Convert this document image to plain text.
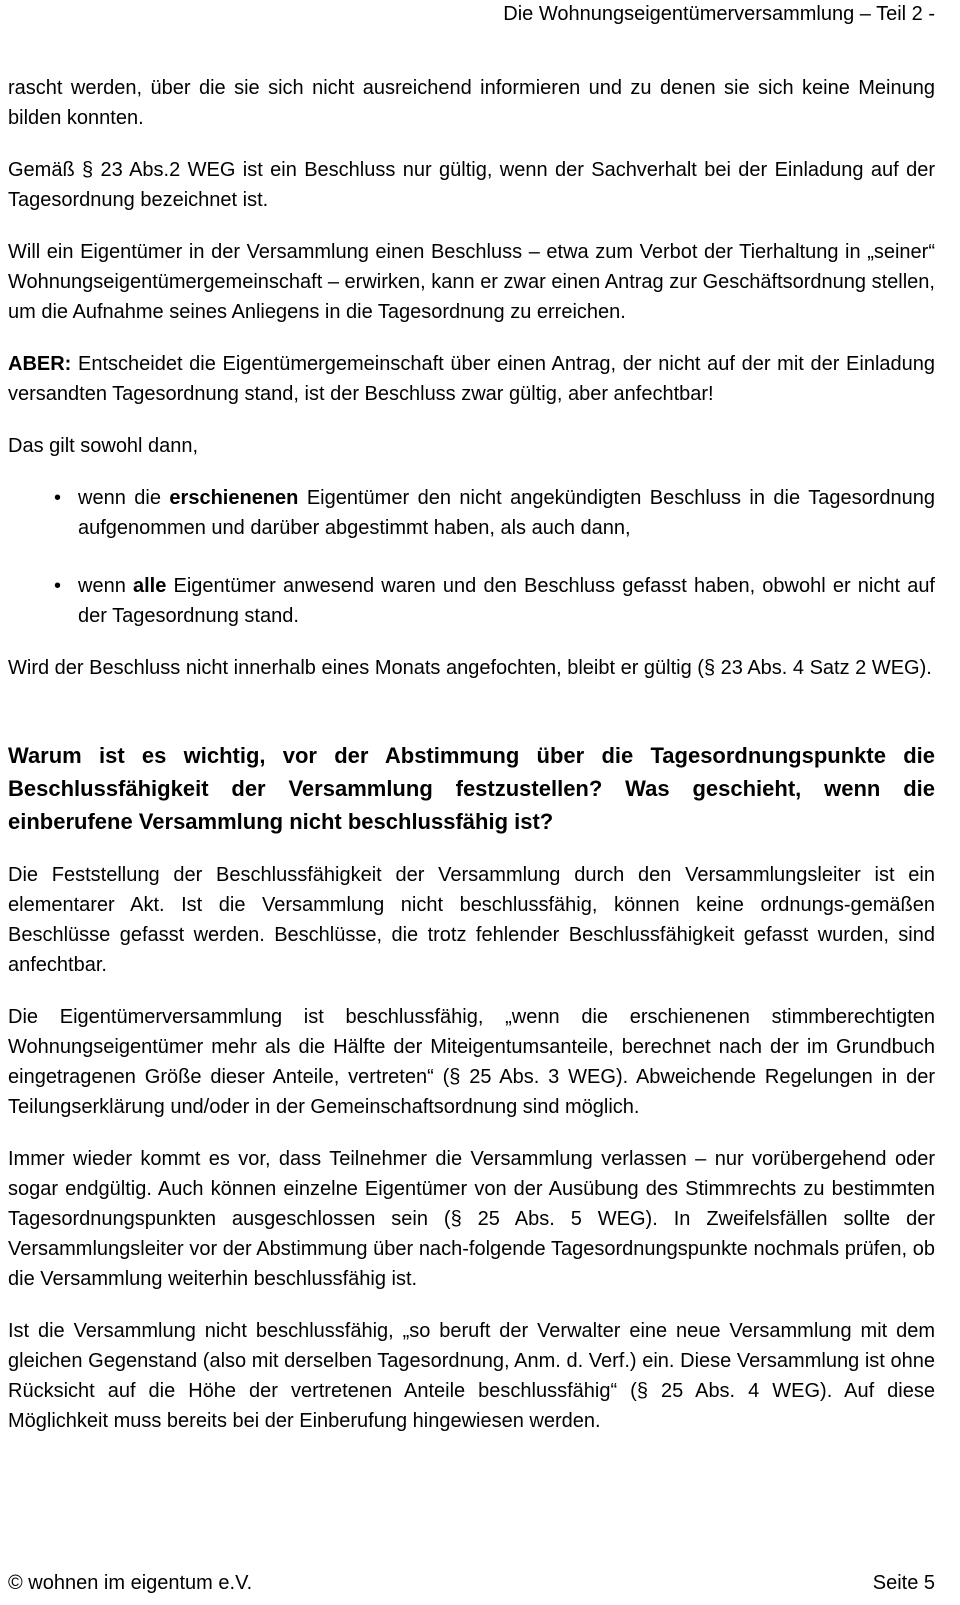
Die Wohnungseigentümerversammlung – Teil 2 -

rascht werden, über die sie sich nicht ausreichend informieren und zu denen sie sich keine Meinung bilden konnten.

Gemäß § 23 Abs.2 WEG ist ein Beschluss nur gültig, wenn der Sachverhalt bei der Einladung auf der Tagesordnung bezeichnet ist.

Will ein Eigentümer in der Versammlung einen Beschluss – etwa zum Verbot der Tierhaltung in „seiner“ Wohnungseigentümergemeinschaft – erwirken, kann er zwar einen Antrag zur Geschäftsordnung stellen, um die Aufnahme seines Anliegens in die Tagesordnung zu erreichen.

ABER: Entscheidet die Eigentümergemeinschaft über einen Antrag, der nicht auf der mit der Einladung versandten Tagesordnung stand, ist der Beschluss zwar gültig, aber anfechtbar!

Das gilt sowohl dann,

• wenn die erschienenen Eigentümer den nicht angekündigten Beschluss in die Tagesordnung aufgenommen und darüber abgestimmt haben, als auch dann,
• wenn alle Eigentümer anwesend waren und den Beschluss gefasst haben, obwohl er nicht auf der Tagesordnung stand.

Wird der Beschluss nicht innerhalb eines Monats angefochten, bleibt er gültig (§ 23 Abs. 4 Satz 2 WEG).

Warum ist es wichtig, vor der Abstimmung über die Tagesordnungspunkte die Beschlussfähigkeit der Versammlung festzustellen? Was geschieht, wenn die einberufene Versammlung nicht beschlussfähig ist?

Die Feststellung der Beschlussfähigkeit der Versammlung durch den Versammlungsleiter ist ein elementarer Akt. Ist die Versammlung nicht beschlussfähig, können keine ordnungs-gemäßen Beschlüsse gefasst werden. Beschlüsse, die trotz fehlender Beschlussfähigkeit gefasst wurden, sind anfechtbar.

Die Eigentümerversammlung ist beschlussfähig, „wenn die erschienenen stimmberechtigten Wohnungseigentümer mehr als die Hälfte der Miteigentumsanteile, berechnet nach der im Grundbuch eingetragenen Größe dieser Anteile, vertreten“ (§ 25 Abs. 3 WEG). Abweichende Regelungen in der Teilungserklärung und/oder in der Gemeinschaftsordnung sind möglich.

Immer wieder kommt es vor, dass Teilnehmer die Versammlung verlassen – nur vorübergehend oder sogar endgültig. Auch können einzelne Eigentümer von der Ausübung des Stimmrechts zu bestimmten Tagesordnungspunkten ausgeschlossen sein (§ 25 Abs. 5 WEG). In Zweifelsfällen sollte der Versammlungsleiter vor der Abstimmung über nach-folgende Tagesordnungspunkte nochmals prüfen, ob die Versammlung weiterhin beschlussfähig ist.

Ist die Versammlung nicht beschlussfähig, „so beruft der Verwalter eine neue Versammlung mit dem gleichen Gegenstand (also mit derselben Tagesordnung, Anm. d. Verf.) ein. Diese Versammlung ist ohne Rücksicht auf die Höhe der vertretenen Anteile beschlussfähig“ (§ 25 Abs. 4 WEG). Auf diese Möglichkeit muss bereits bei der Einberufung hingewiesen werden.

© wohnen im eigentum e.V.	Seite 5
